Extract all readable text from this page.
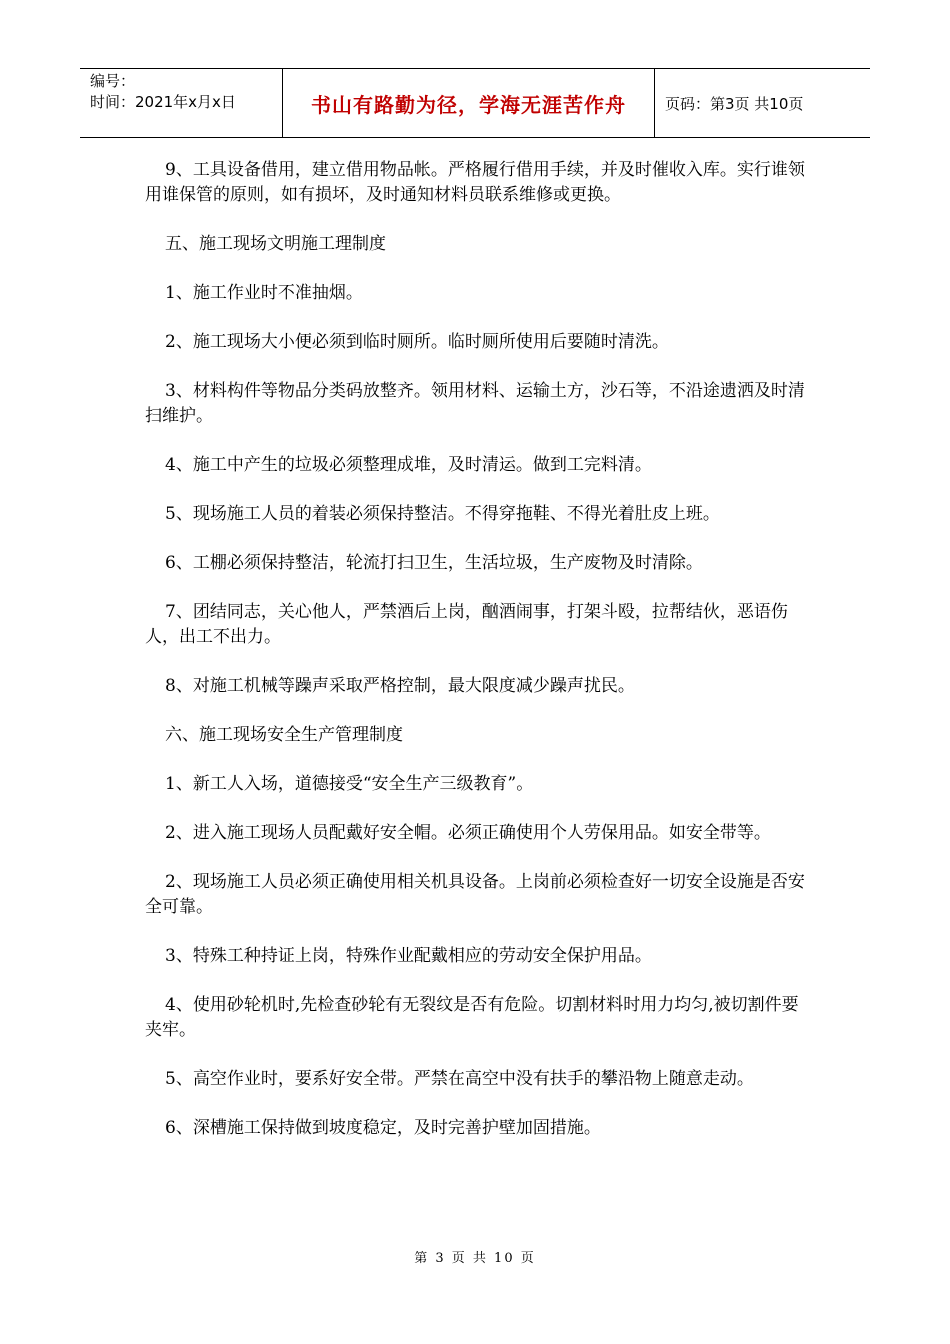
编号：
时间：2021年x月x日	书山有路勤为径，学海无涯苦作舟	页码：第3页 共10页

9、工具设备借用，建立借用物品帐。严格履行借用手续，并及时催收入库。实行谁领用谁保管的原则，如有损坏，及时通知材料员联系维修或更换。

五、施工现场文明施工理制度

1、施工作业时不准抽烟。

2、施工现场大小便必须到临时厕所。临时厕所使用后要随时清洗。

3、材料构件等物品分类码放整齐。领用材料、运输土方，沙石等，不沿途遗洒及时清扫维护。

4、施工中产生的垃圾必须整理成堆，及时清运。做到工完料清。

5、现场施工人员的着装必须保持整洁。不得穿拖鞋、不得光着肚皮上班。

6、工棚必须保持整洁，轮流打扫卫生，生活垃圾，生产废物及时清除。

7、团结同志，关心他人，严禁酒后上岗，酗酒闹事，打架斗殴，拉帮结伙，恶语伤人，出工不出力。

8、对施工机械等躁声采取严格控制，最大限度减少躁声扰民。

六、施工现场安全生产管理制度

1、新工人入场，道德接受“安全生产三级教育”。

2、进入施工现场人员配戴好安全帽。必须正确使用个人劳保用品。如安全带等。

2、现场施工人员必须正确使用相关机具设备。上岗前必须检查好一切安全设施是否安全可靠。

3、特殊工种持证上岗，特殊作业配戴相应的劳动安全保护用品。

4、使用砂轮机时,先检查砂轮有无裂纹是否有危险。切割材料时用力均匀,被切割件要夹牢。

5、高空作业时，要系好安全带。严禁在高空中没有扶手的攀沿物上随意走动。

6、深槽施工保持做到坡度稳定，及时完善护壁加固措施。

第 3 页 共 10 页
